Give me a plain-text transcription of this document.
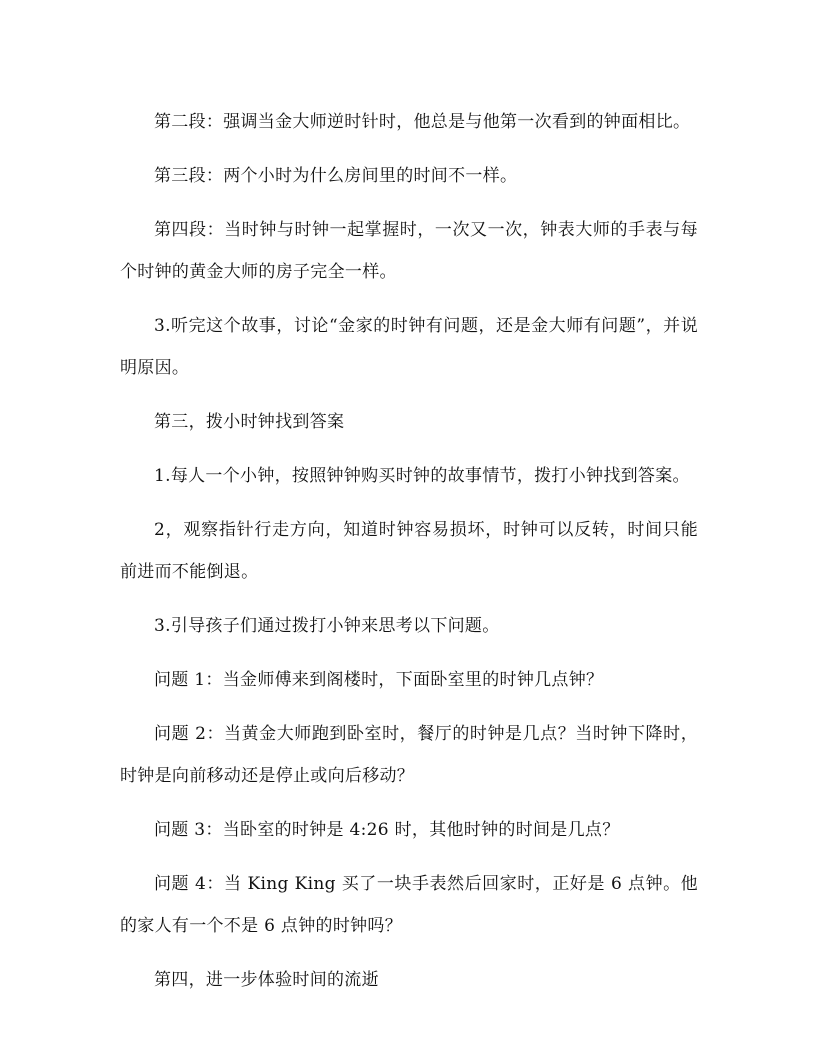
第二段：强调当金大师逆时针时，他总是与他第一次看到的钟面相比。

第三段：两个小时为什么房间里的时间不一样。

第四段：当时钟与时钟一起掌握时，一次又一次，钟表大师的手表与每个时钟的黄金大师的房子完全一样。

3.听完这个故事，讨论“金家的时钟有问题，还是金大师有问题”，并说明原因。

第三，拨小时钟找到答案

1.每人一个小钟，按照钟钟购买时钟的故事情节，拨打小钟找到答案。

2，观察指针行走方向，知道时钟容易损坏，时钟可以反转，时间只能前进而不能倒退。

3.引导孩子们通过拨打小钟来思考以下问题。

问题 1：当金师傅来到阁楼时，下面卧室里的时钟几点钟？

问题 2：当黄金大师跑到卧室时，餐厅的时钟是几点？当时钟下降时，时钟是向前移动还是停止或向后移动？

问题 3：当卧室的时钟是 4:26 时，其他时钟的时间是几点？

问题 4：当 King King 买了一块手表然后回家时，正好是 6 点钟。他的家人有一个不是 6 点钟的时钟吗？

第四，进一步体验时间的流逝
